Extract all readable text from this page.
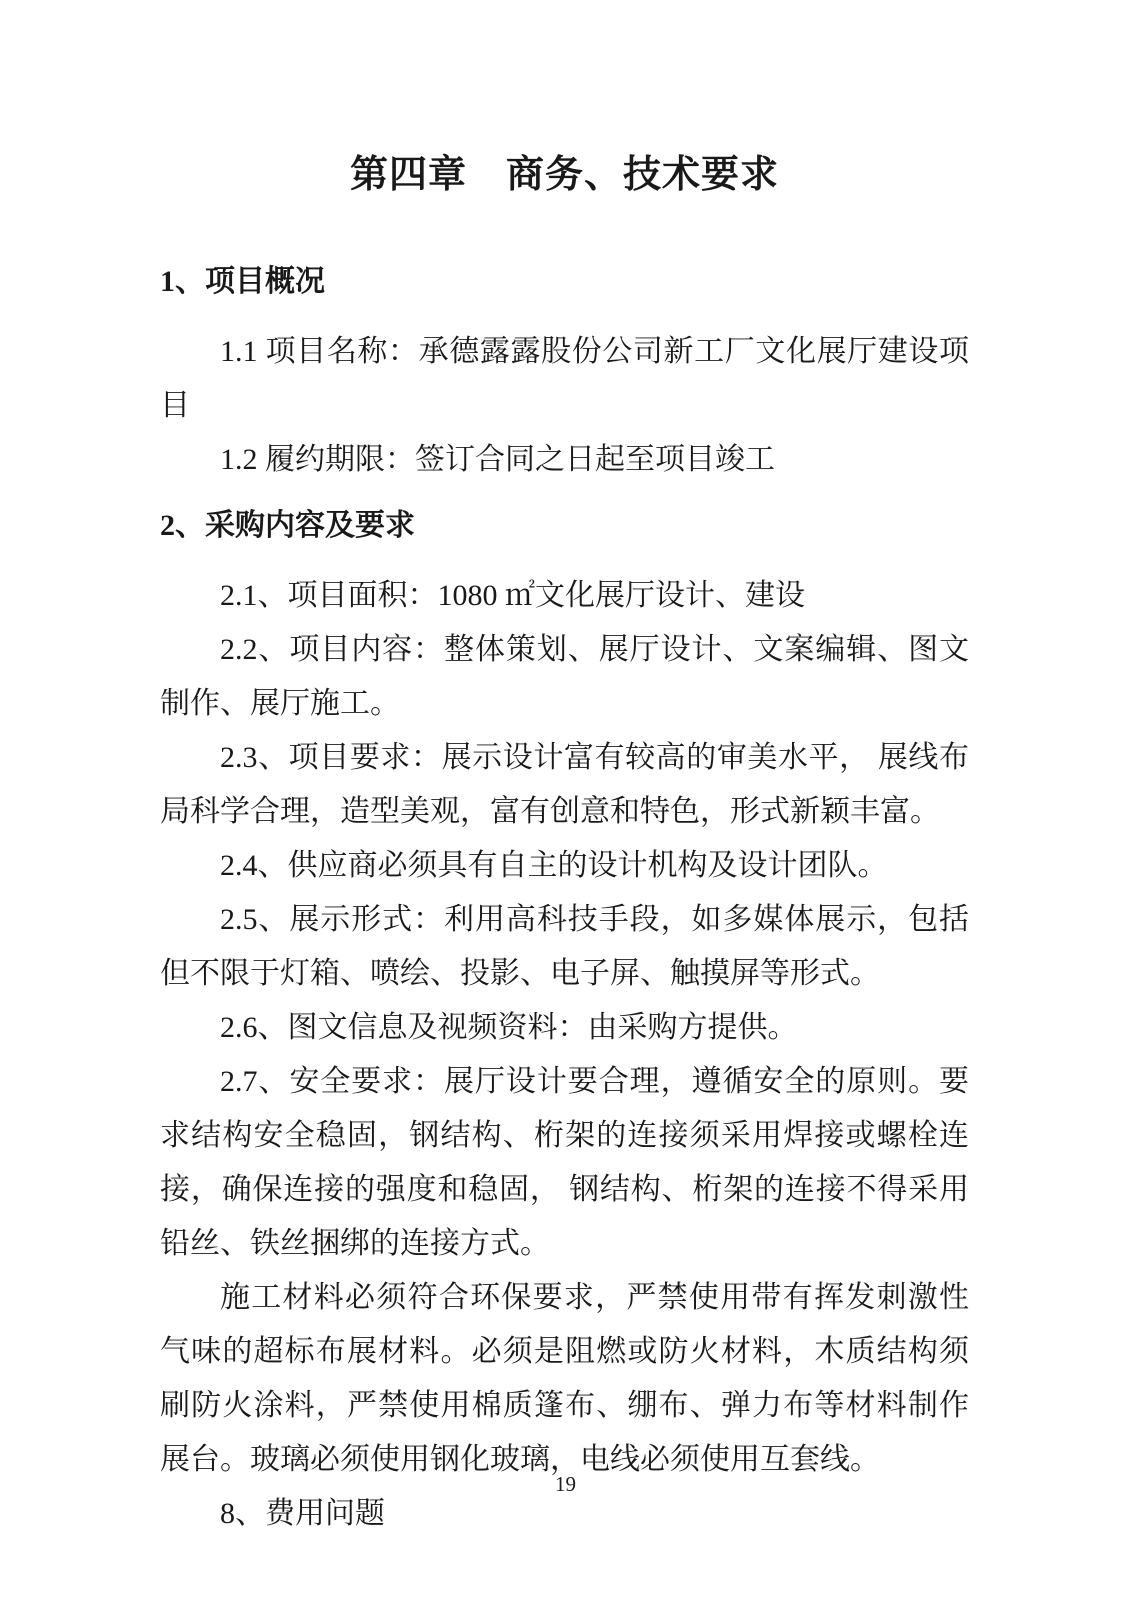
第四章　商务、技术要求
1、项目概况

1.1 项目名称：承德露露股份公司新工厂文化展厅建设项目

1.2 履约期限：签订合同之日起至项目竣工

2、采购内容及要求

2.1、项目面积：1080 ㎡文化展厅设计、建设

2.2、项目内容：整体策划、展厅设计、文案编辑、图文制作、展厅施工。

2.3、项目要求：展示设计富有较高的审美水平， 展线布局科学合理，造型美观，富有创意和特色，形式新颖丰富。

2.4、供应商必须具有自主的设计机构及设计团队。

2.5、展示形式：利用高科技手段，如多媒体展示，包括但不限于灯箱、喷绘、投影、电子屏、触摸屏等形式。

2.6、图文信息及视频资料：由采购方提供。

2.7、安全要求：展厅设计要合理，遵循安全的原则。要求结构安全稳固，钢结构、桁架的连接须采用焊接或螺栓连接，确保连接的强度和稳固， 钢结构、桁架的连接不得采用铅丝、铁丝捆绑的连接方式。

施工材料必须符合环保要求，严禁使用带有挥发刺激性气味的超标布展材料。必须是阻燃或防火材料，木质结构须刷防火涂料，严禁使用棉质篷布、绷布、弹力布等材料制作展台。玻璃必须使用钢化玻璃，电线必须使用互套线。

8、费用问题

19
